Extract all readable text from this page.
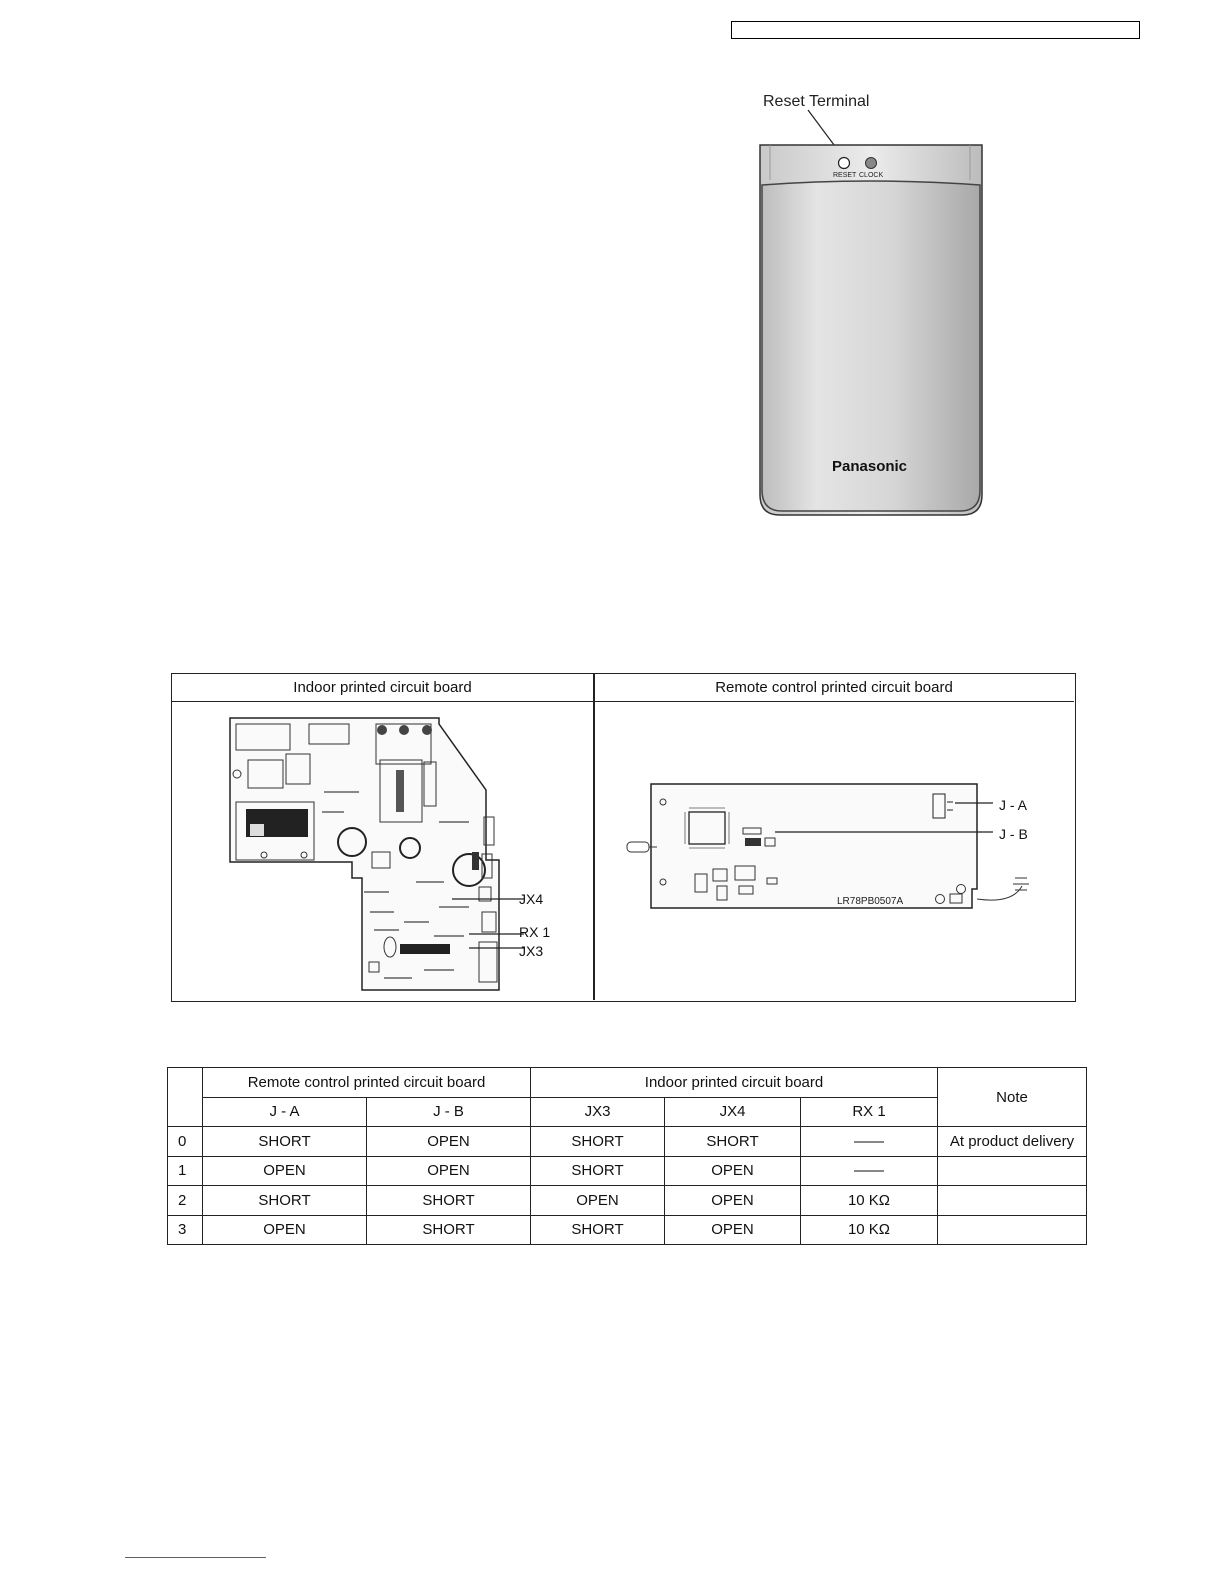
Reset Terminal
RESET CLOCK
Panasonic
Indoor printed circuit board	Remote control printed circuit board
JX4
RX 1
JX3
LR78PB0507A
J - A
J - B
	Remote control printed circuit board		Indoor printed circuit board			Note
	J - A	J - B	JX3	JX4	RX 1	
0	SHORT	OPEN	SHORT	SHORT	——	At product delivery
1	OPEN	OPEN	SHORT	OPEN	——	
2	SHORT	SHORT	OPEN	OPEN	10 KΩ	
3	OPEN	SHORT	SHORT	OPEN	10 KΩ	
